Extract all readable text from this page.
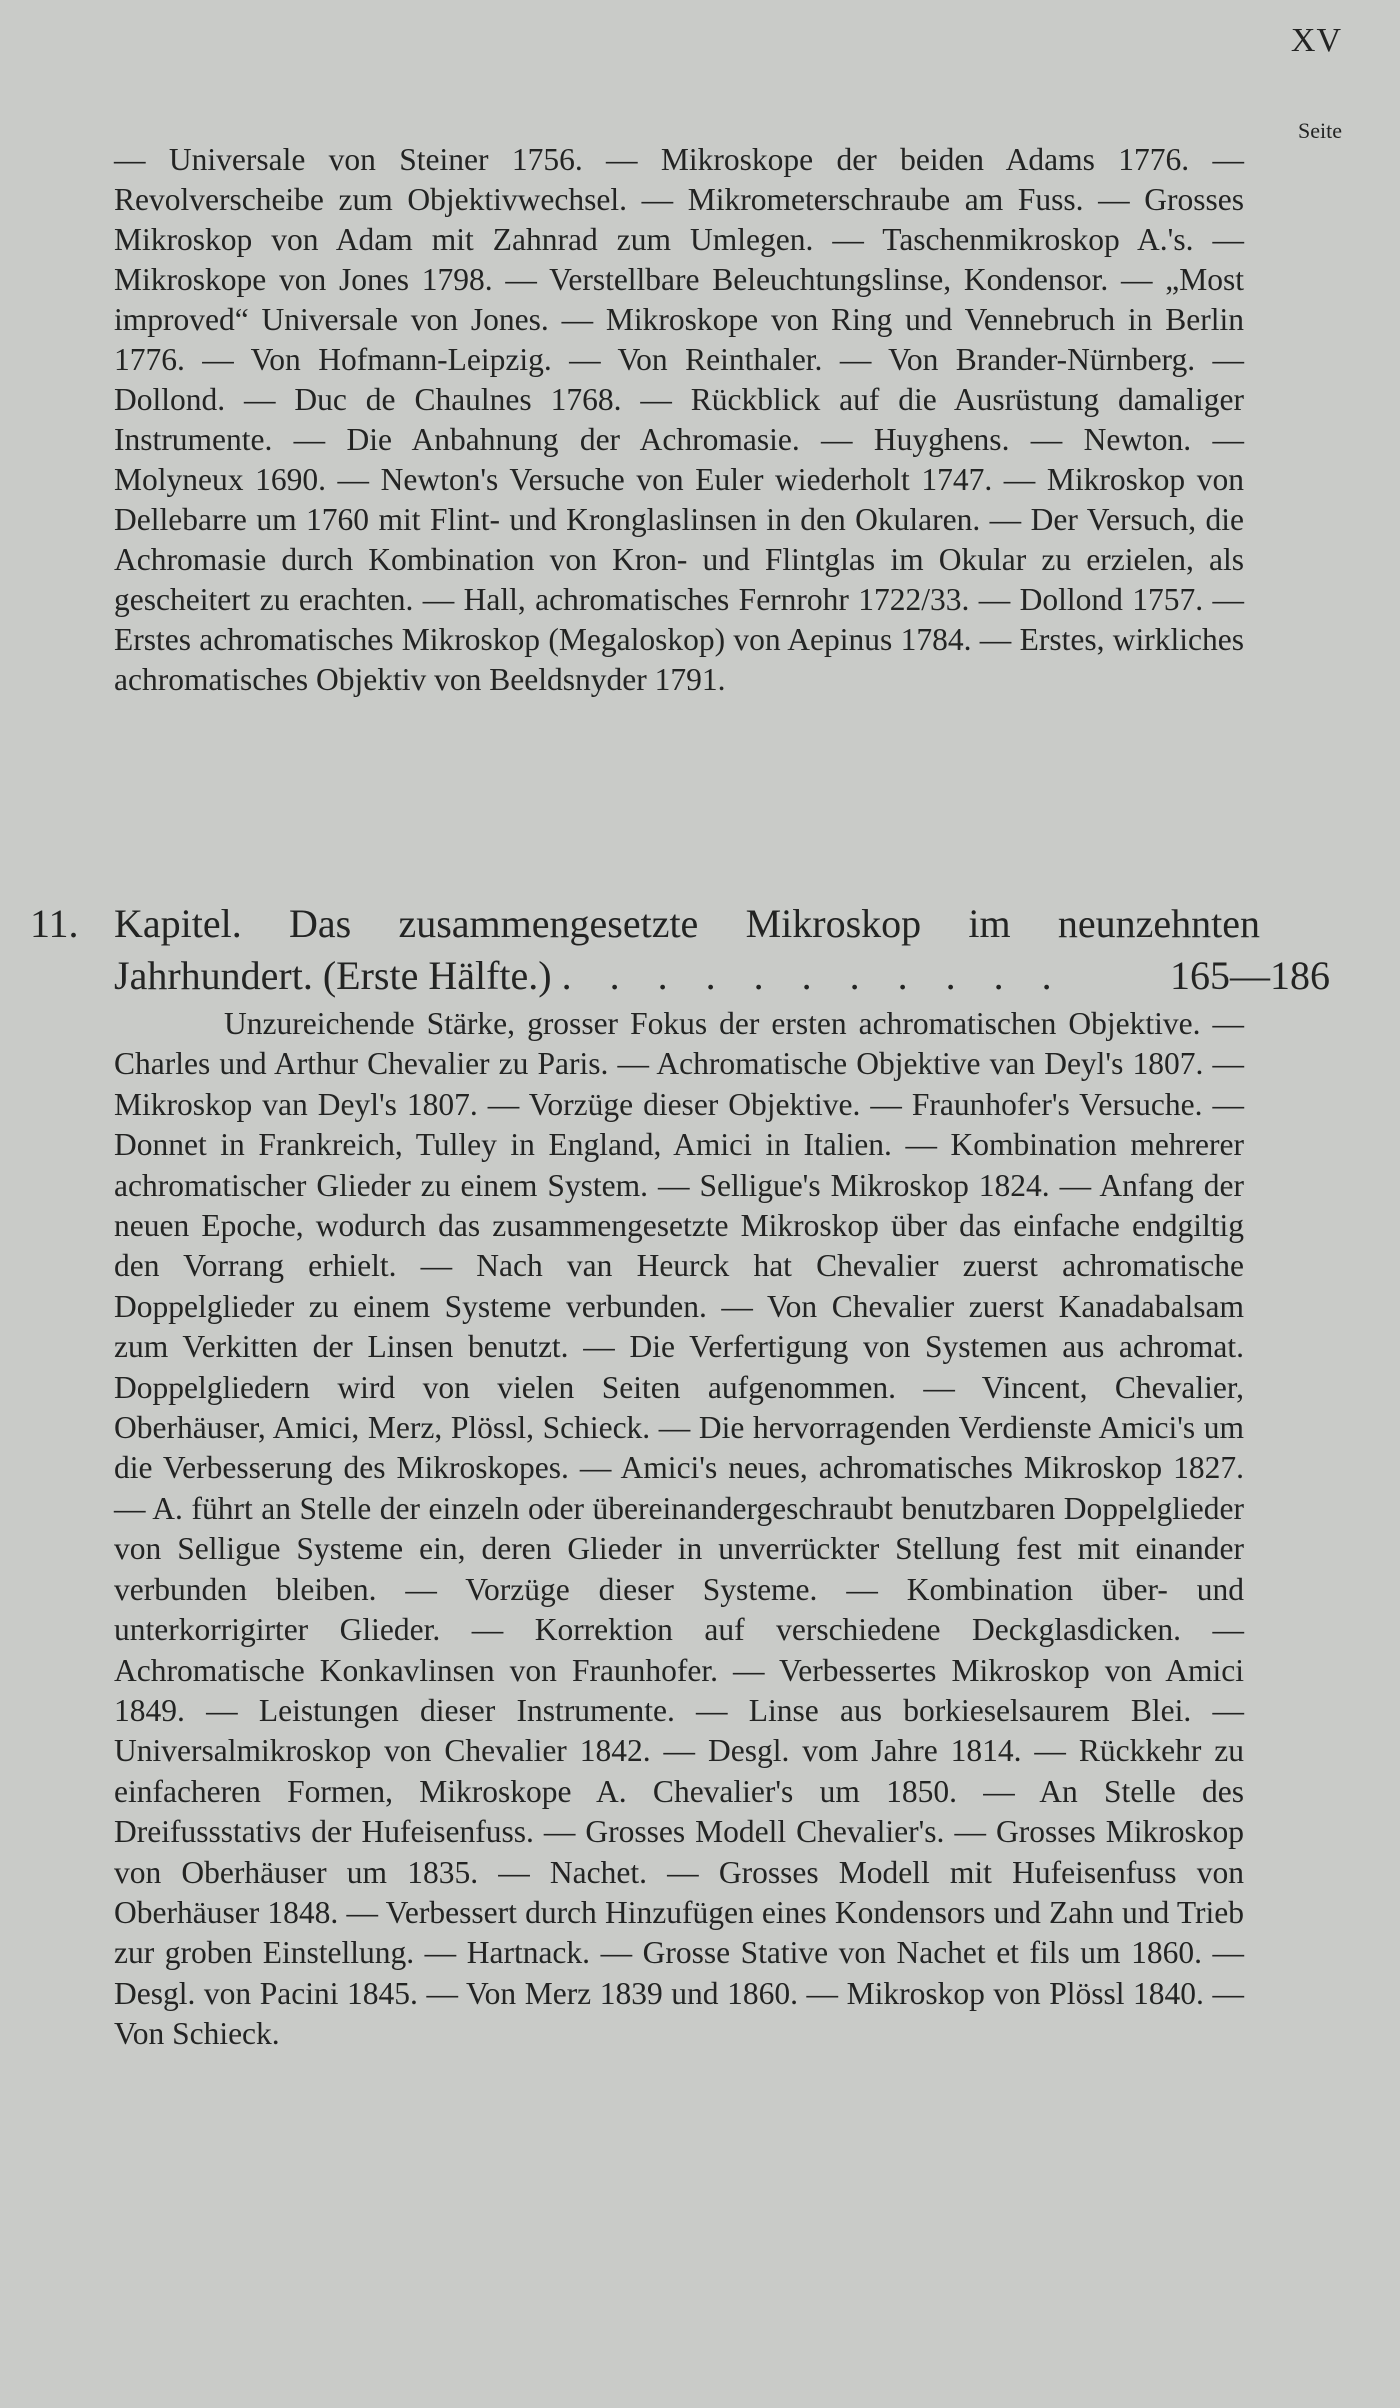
XV
Seite
— Universale von Steiner 1756. — Mikroskope der beiden Adams 1776. — Revolverscheibe zum Objektivwechsel. — Mikrometerschraube am Fuss. — Grosses Mikroskop von Adam mit Zahnrad zum Umlegen. — Taschenmikroskop A.'s. — Mikroskope von Jones 1798. — Verstellbare Beleuchtungslinse, Kondensor. — „Most improved“ Universale von Jones. — Mikroskope von Ring und Vennebruch in Berlin 1776. — Von Hofmann-Leipzig. — Von Reinthaler. — Von Brander-Nürnberg. — Dollond. — Duc de Chaulnes 1768. — Rückblick auf die Ausrüstung damaliger Instrumente. — Die Anbahnung der Achromasie. — Huyghens. — Newton. — Molyneux 1690. — Newton's Versuche von Euler wiederholt 1747. — Mikroskop von Dellebarre um 1760 mit Flint- und Kronglaslinsen in den Okularen. — Der Versuch, die Achromasie durch Kombination von Kron- und Flintglas im Okular zu erzielen, als gescheitert zu erachten. — Hall, achromatisches Fernrohr 1722/33. — Dollond 1757. — Erstes achromatisches Mikroskop (Megaloskop) von Aepinus 1784. — Erstes, wirkliches achromatisches Objektiv von Beeldsnyder 1791.
11. Kapitel. Das zusammengesetzte Mikroskop im neunzehnten Jahrhundert. (Erste Hälfte.) . . . . . . . . . . .	165—186
Unzureichende Stärke, grosser Fokus der ersten achromatischen Objektive. — Charles und Arthur Chevalier zu Paris. — Achromatische Objektive van Deyl's 1807. — Mikroskop van Deyl's 1807. — Vorzüge dieser Objektive. — Fraunhofer's Versuche. — Donnet in Frankreich, Tulley in England, Amici in Italien. — Kombination mehrerer achromatischer Glieder zu einem System. — Selligue's Mikroskop 1824. — Anfang der neuen Epoche, wodurch das zusammengesetzte Mikroskop über das einfache endgiltig den Vorrang erhielt. — Nach van Heurck hat Chevalier zuerst achromatische Doppelglieder zu einem Systeme verbunden. — Von Chevalier zuerst Kanadabalsam zum Verkitten der Linsen benutzt. — Die Verfertigung von Systemen aus achromat. Doppelgliedern wird von vielen Seiten aufgenommen. — Vincent, Chevalier, Oberhäuser, Amici, Merz, Plössl, Schieck. — Die hervorragenden Verdienste Amici's um die Verbesserung des Mikroskopes. — Amici's neues, achromatisches Mikroskop 1827. — A. führt an Stelle der einzeln oder übereinandergeschraubt benutzbaren Doppelglieder von Selligue Systeme ein, deren Glieder in unverrückter Stellung fest mit einander verbunden bleiben. — Vorzüge dieser Systeme. — Kombination über- und unterkorrigirter Glieder. — Korrektion auf verschiedene Deckglasdicken. — Achromatische Konkavlinsen von Fraunhofer. — Verbessertes Mikroskop von Amici 1849. — Leistungen dieser Instrumente. — Linse aus borkieselsaurem Blei. — Universalmikroskop von Chevalier 1842. — Desgl. vom Jahre 1814. — Rückkehr zu einfacheren Formen, Mikroskope A. Chevalier's um 1850. — An Stelle des Dreifussstativs der Hufeisenfuss. — Grosses Modell Chevalier's. — Grosses Mikroskop von Oberhäuser um 1835. — Nachet. — Grosses Modell mit Hufeisenfuss von Oberhäuser 1848. — Verbessert durch Hinzufügen eines Kondensors und Zahn und Trieb zur groben Einstellung. — Hartnack. — Grosse Stative von Nachet et fils um 1860. — Desgl. von Pacini 1845. — Von Merz 1839 und 1860. — Mikroskop von Plössl 1840. — Von Schieck.
